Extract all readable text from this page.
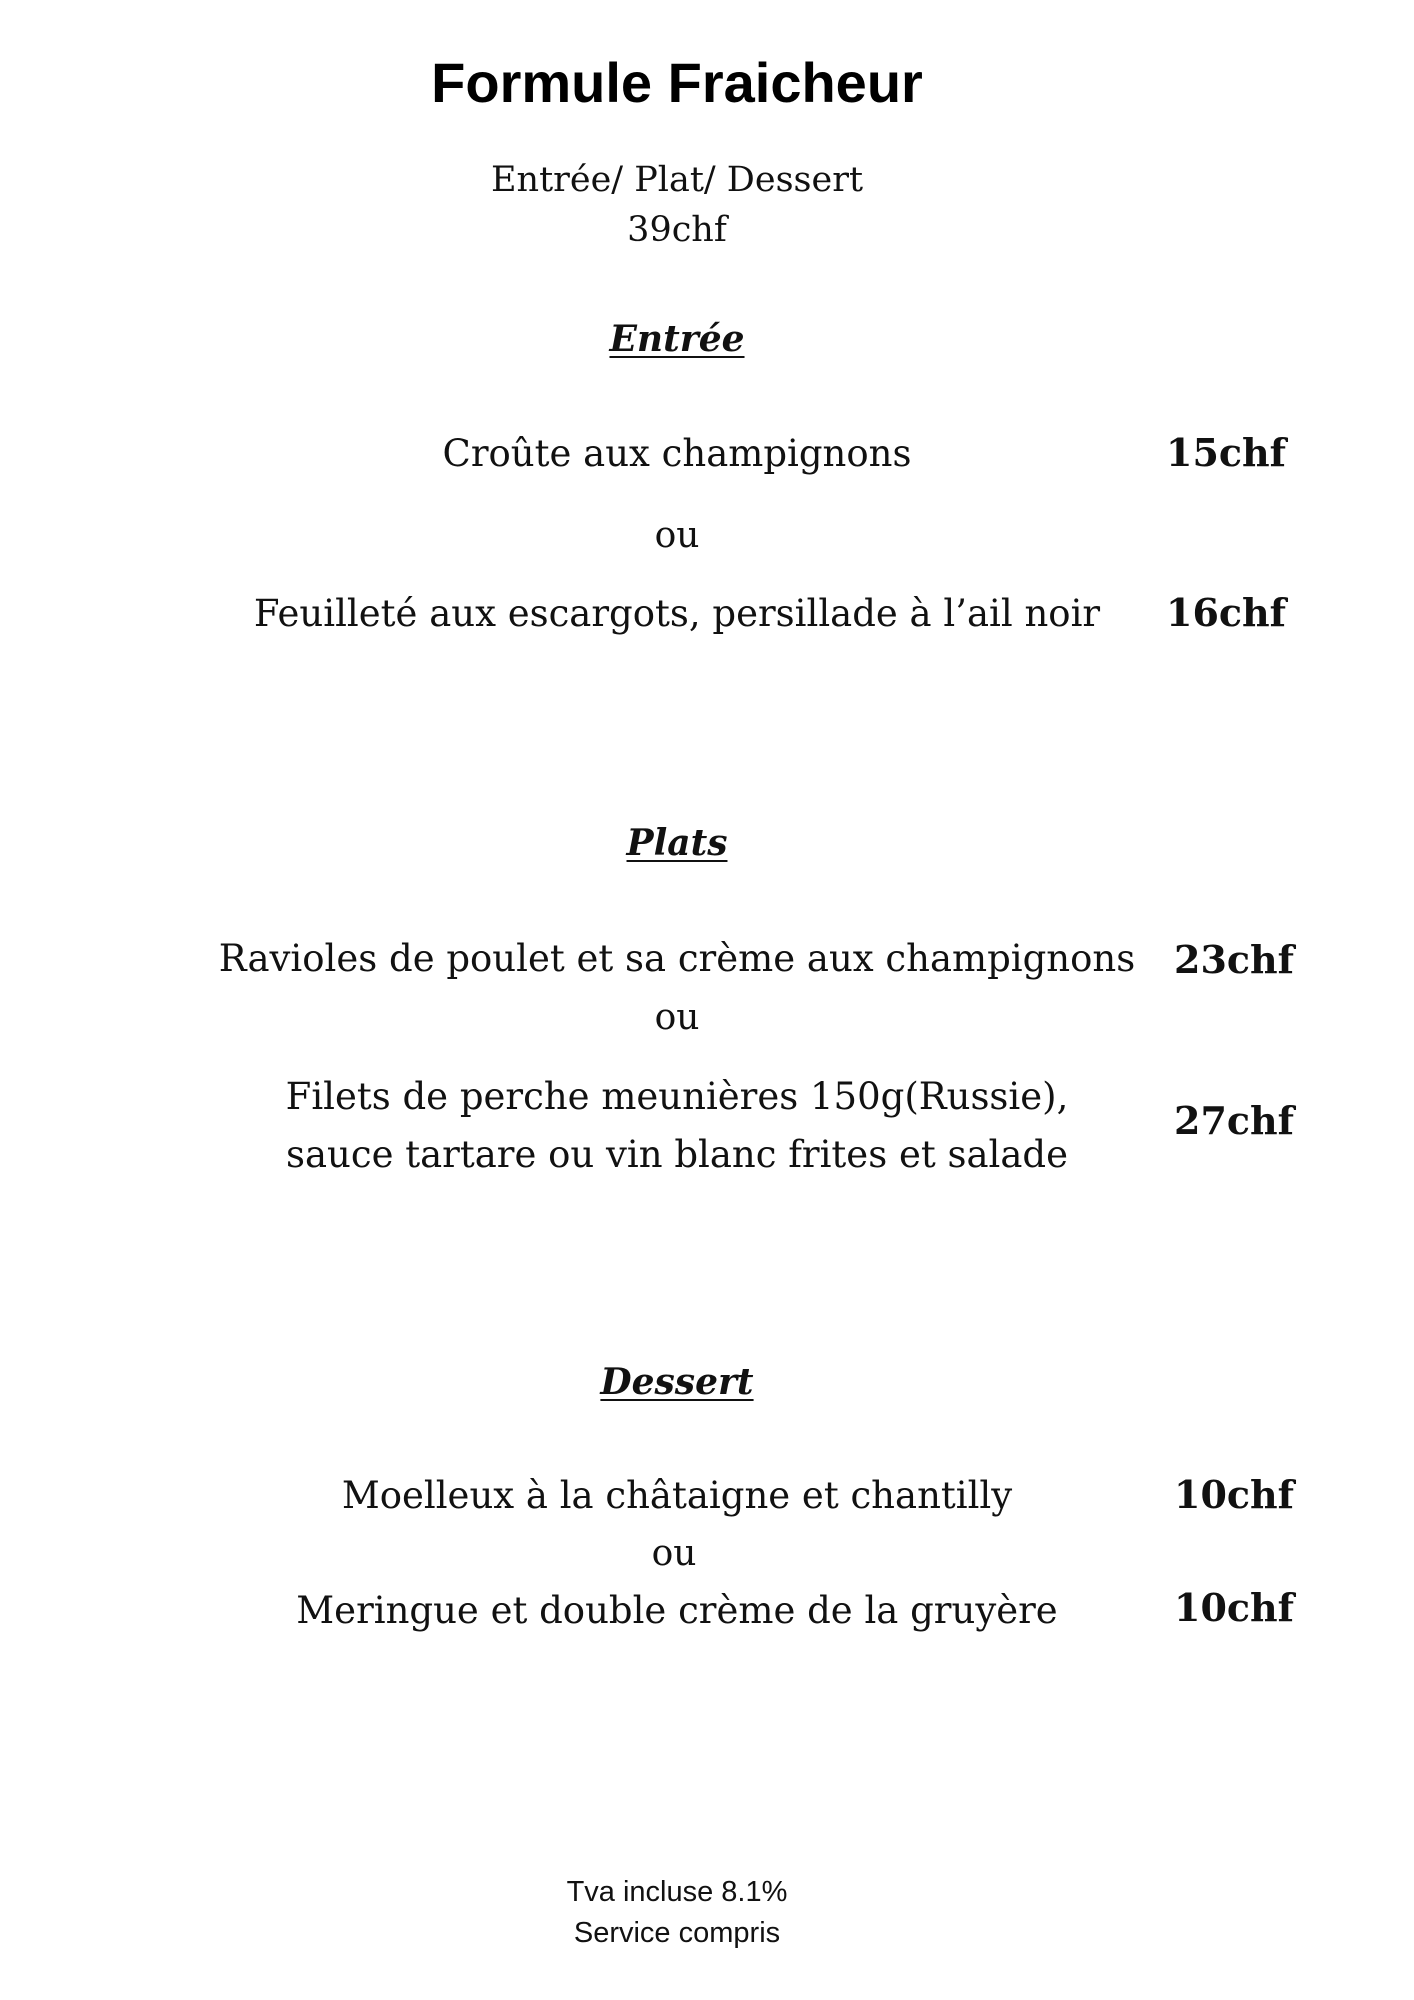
Formule Fraicheur
Entrée/ Plat/ Dessert
39chf
Entrée
Croûte aux champignons	15chf
ou
Feuilleté aux escargots, persillade à l’ail noir	16chf
Plats
Ravioles de poulet et sa crème aux champignons	23chf
ou
Filets de perche meunières 150g(Russie),
sauce tartare ou vin blanc frites et salade
27chf
Dessert
Moelleux à la châtaigne et chantilly	10chf
ou
Meringue et double crème de la gruyère	10chf
Tva incluse 8.1%
Service compris
